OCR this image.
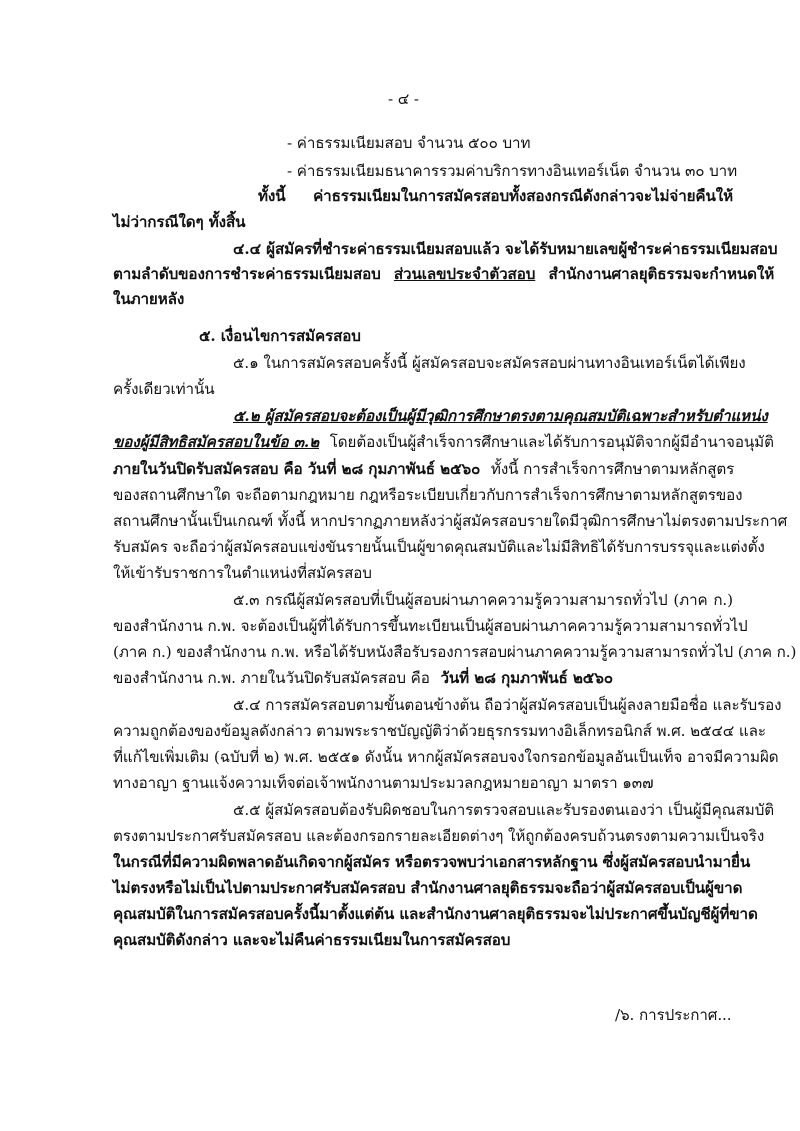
- ๔ -
- ค่าธรรมเนียมสอบ จำนวน ๕๐๐ บาท
- ค่าธรรมเนียมธนาคารรวมค่าบริการทางอินเทอร์เน็ต จำนวน ๓๐ บาท
ทั้งนี้ ค่าธรรมเนียมในการสมัครสอบทั้งสองกรณีดังกล่าวจะไม่จ่ายคืนให้
ไม่ว่ากรณีใดๆ ทั้งสิ้น
๔.๔ ผู้สมัครที่ชำระค่าธรรมเนียมสอบแล้ว จะได้รับหมายเลขผู้ชำระค่าธรรมเนียมสอบ
ตามลำดับของการชำระค่าธรรมเนียมสอบ ส่วนเลขประจำตัวสอบ สำนักงานศาลยุติธรรมจะกำหนดให้
ในภายหลัง
๕. เงื่อนไขการสมัครสอบ
๕.๑ ในการสมัครสอบครั้งนี้ ผู้สมัครสอบจะสมัครสอบผ่านทางอินเทอร์เน็ตได้เพียง
ครั้งเดียวเท่านั้น
๕.๒ ผู้สมัครสอบจะต้องเป็นผู้มีวุฒิการศึกษาตรงตามคุณสมบัติเฉพาะสำหรับตำแหน่ง
ของผู้มีสิทธิสมัครสอบในข้อ ๓.๒ โดยต้องเป็นผู้สำเร็จการศึกษาและได้รับการอนุมัติจากผู้มีอำนาจอนุมัติ
ภายในวันปิดรับสมัครสอบ คือ วันที่ ๒๘ กุมภาพันธ์ ๒๕๖๐ ทั้งนี้ การสำเร็จการศึกษาตามหลักสูตร
ของสถานศึกษาใด จะถือตามกฎหมาย กฎหรือระเบียบเกี่ยวกับการสำเร็จการศึกษาตามหลักสูตรของ
สถานศึกษานั้นเป็นเกณฑ์ ทั้งนี้ หากปรากฏภายหลังว่าผู้สมัครสอบรายใดมีวุฒิการศึกษาไม่ตรงตามประกาศ
รับสมัคร จะถือว่าผู้สมัครสอบแข่งขันรายนั้นเป็นผู้ขาดคุณสมบัติและไม่มีสิทธิได้รับการบรรจุและแต่งตั้ง
ให้เข้ารับราชการในตำแหน่งที่สมัครสอบ
๕.๓ กรณีผู้สมัครสอบที่เป็นผู้สอบผ่านภาคความรู้ความสามารถทั่วไป (ภาค ก.)
ของสำนักงาน ก.พ. จะต้องเป็นผู้ที่ได้รับการขึ้นทะเบียนเป็นผู้สอบผ่านภาคความรู้ความสามารถทั่วไป
(ภาค ก.) ของสำนักงาน ก.พ. หรือได้รับหนังสือรับรองการสอบผ่านภาคความรู้ความสามารถทั่วไป (ภาค ก.)
ของสำนักงาน ก.พ. ภายในวันปิดรับสมัครสอบ คือ วันที่ ๒๘ กุมภาพันธ์ ๒๕๖๐
๕.๔ การสมัครสอบตามขั้นตอนข้างต้น ถือว่าผู้สมัครสอบเป็นผู้ลงลายมือชื่อ และรับรอง
ความถูกต้องของข้อมูลดังกล่าว ตามพระราชบัญญัติว่าด้วยธุรกรรมทางอิเล็กทรอนิกส์ พ.ศ. ๒๕๔๔ และ
ที่แก้ไขเพิ่มเติม (ฉบับที่ ๒) พ.ศ. ๒๕๕๑ ดังนั้น หากผู้สมัครสอบจงใจกรอกข้อมูลอันเป็นเท็จ อาจมีความผิด
ทางอาญา ฐานแจ้งความเท็จต่อเจ้าพนักงานตามประมวลกฎหมายอาญา มาตรา ๑๓๗
๕.๕ ผู้สมัครสอบต้องรับผิดชอบในการตรวจสอบและรับรองตนเองว่า เป็นผู้มีคุณสมบัติ
ตรงตามประกาศรับสมัครสอบ และต้องกรอกรายละเอียดต่างๆ ให้ถูกต้องครบถ้วนตรงตามความเป็นจริง
ในกรณีที่มีความผิดพลาดอันเกิดจากผู้สมัคร หรือตรวจพบว่าเอกสารหลักฐาน ซึ่งผู้สมัครสอบนำมายื่น
ไม่ตรงหรือไม่เป็นไปตามประกาศรับสมัครสอบ สำนักงานศาลยุติธรรมจะถือว่าผู้สมัครสอบเป็นผู้ขาด
คุณสมบัติในการสมัครสอบครั้งนี้มาตั้งแต่ต้น และสำนักงานศาลยุติธรรมจะไม่ประกาศขึ้นบัญชีผู้ที่ขาด
คุณสมบัติดังกล่าว และจะไม่คืนค่าธรรมเนียมในการสมัครสอบ
/๖. การประกาศ...
